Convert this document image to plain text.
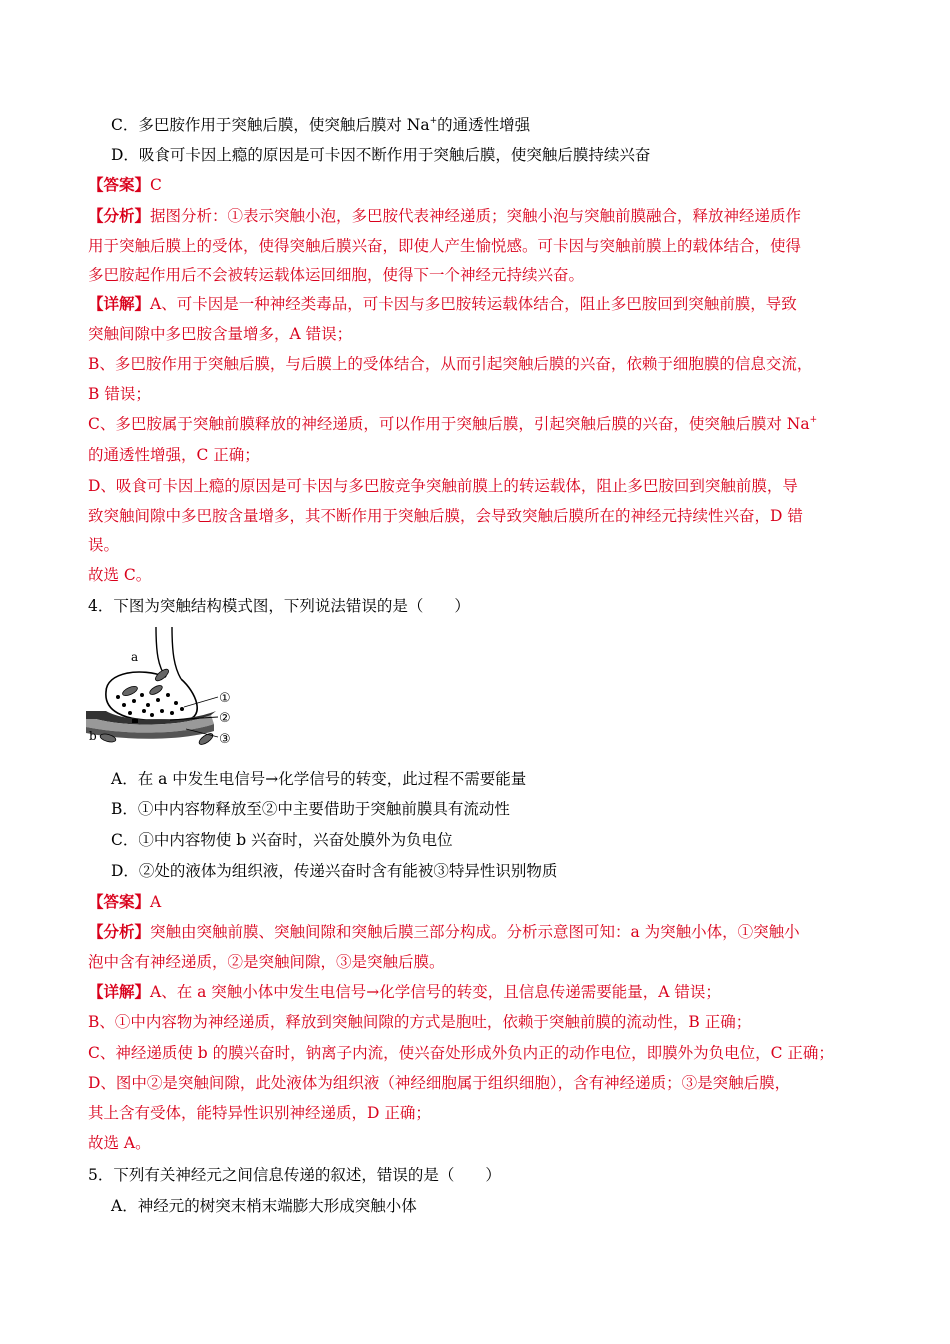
C．多巴胺作用于突触后膜，使突触后膜对 Na+的通透性增强
D．吸食可卡因上瘾的原因是可卡因不断作用于突触后膜，使突触后膜持续兴奋
【答案】C
【分析】据图分析：①表示突触小泡，多巴胺代表神经递质；突触小泡与突触前膜融合，释放神经递质作
用于突触后膜上的受体，使得突触后膜兴奋，即使人产生愉悦感。可卡因与突触前膜上的载体结合，使得
多巴胺起作用后不会被转运载体运回细胞，使得下一个神经元持续兴奋。
【详解】A、可卡因是一种神经类毒品，可卡因与多巴胺转运载体结合，阻止多巴胺回到突触前膜，导致
突触间隙中多巴胺含量增多，A 错误；
B、多巴胺作用于突触后膜，与后膜上的受体结合，从而引起突触后膜的兴奋，依赖于细胞膜的信息交流，
B 错误；
C、多巴胺属于突触前膜释放的神经递质，可以作用于突触后膜，引起突触后膜的兴奋，使突触后膜对 Na+
的通透性增强，C 正确；
D、吸食可卡因上瘾的原因是可卡因与多巴胺竞争突触前膜上的转运载体，阻止多巴胺回到突触前膜，导
致突触间隙中多巴胺含量增多，其不断作用于突触后膜，会导致突触后膜所在的神经元持续性兴奋，D 错
误。
故选 C。
4．下图为突触结构模式图，下列说法错误的是（　　）
a
b
①
②
③
A．在 a 中发生电信号→化学信号的转变，此过程不需要能量
B．①中内容物释放至②中主要借助于突触前膜具有流动性
C．①中内容物使 b 兴奋时，兴奋处膜外为负电位
D．②处的液体为组织液，传递兴奋时含有能被③特异性识别物质
【答案】A
【分析】突触由突触前膜、突触间隙和突触后膜三部分构成。分析示意图可知：a 为突触小体，①突触小
泡中含有神经递质，②是突触间隙，③是突触后膜。
【详解】A、在 a 突触小体中发生电信号→化学信号的转变，且信息传递需要能量，A 错误；
B、①中内容物为神经递质，释放到突触间隙的方式是胞吐，依赖于突触前膜的流动性，B 正确；
C、神经递质使 b 的膜兴奋时，钠离子内流，使兴奋处形成外负内正的动作电位，即膜外为负电位，C 正确；
D、图中②是突触间隙，此处液体为组织液（神经细胞属于组织细胞），含有神经递质；③是突触后膜，
其上含有受体，能特异性识别神经递质，D 正确；
故选 A。
5．下列有关神经元之间信息传递的叙述，错误的是（　　）
A．神经元的树突末梢末端膨大形成突触小体
